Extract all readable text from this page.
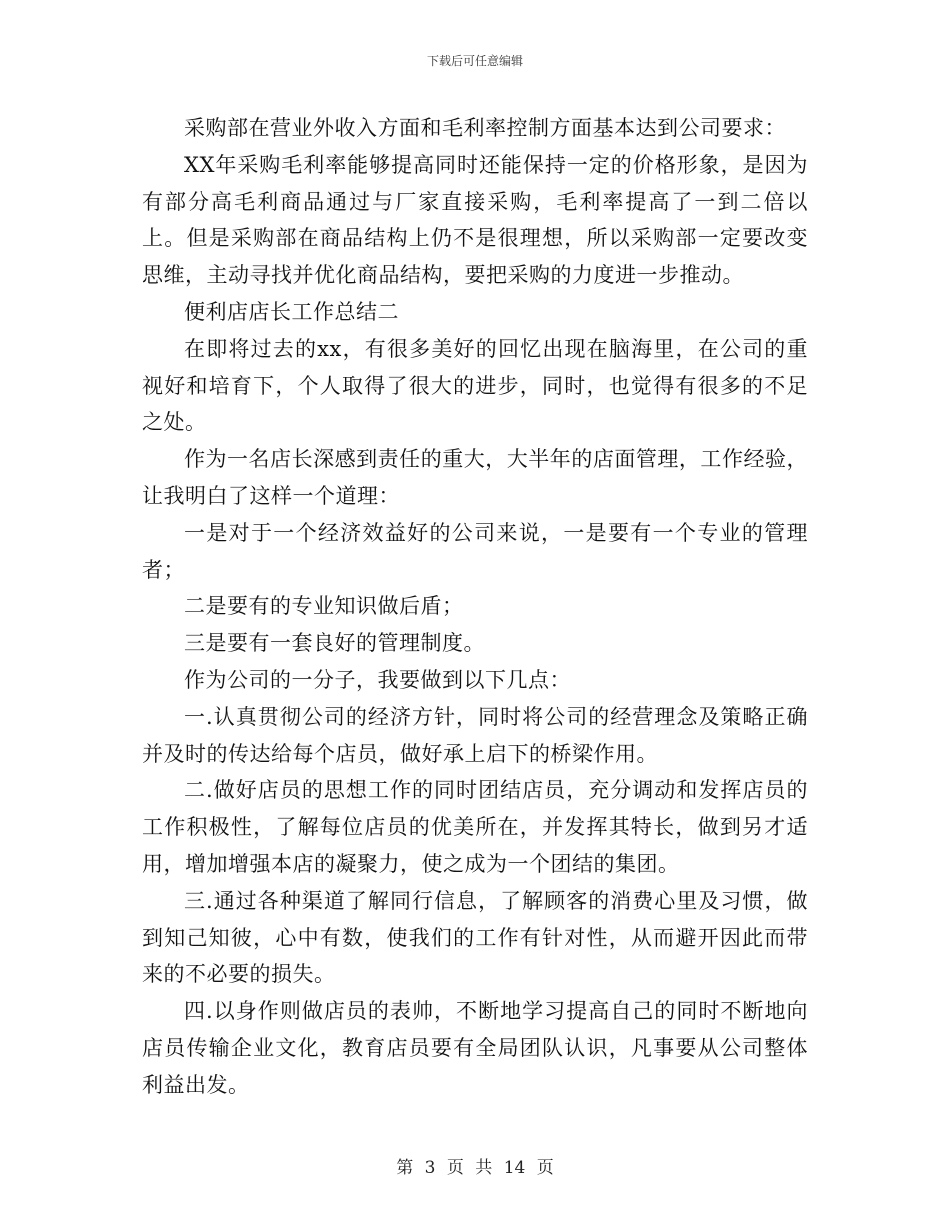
下载后可任意编辑

采购部在营业外收入方面和毛利率控制方面基本达到公司要求：

XX年采购毛利率能够提高同时还能保持一定的价格形象，是因为有部分高毛利商品通过与厂家直接采购，毛利率提高了一到二倍以上。但是采购部在商品结构上仍不是很理想，所以采购部一定要改变思维，主动寻找并优化商品结构，要把采购的力度进一步推动。

便利店店长工作总结二

在即将过去的xx，有很多美好的回忆出现在脑海里，在公司的重视好和培育下，个人取得了很大的进步，同时，也觉得有很多的不足之处。

作为一名店长深感到责任的重大，大半年的店面管理，工作经验，让我明白了这样一个道理：

一是对于一个经济效益好的公司来说，一是要有一个专业的管理者；

二是要有的专业知识做后盾；

三是要有一套良好的管理制度。

作为公司的一分子，我要做到以下几点：

一.认真贯彻公司的经济方针，同时将公司的经营理念及策略正确并及时的传达给每个店员，做好承上启下的桥梁作用。

二.做好店员的思想工作的同时团结店员，充分调动和发挥店员的工作积极性，了解每位店员的优美所在，并发挥其特长，做到另才适用，增加增强本店的凝聚力，使之成为一个团结的集团。

三.通过各种渠道了解同行信息，了解顾客的消费心里及习惯，做到知己知彼，心中有数，使我们的工作有针对性，从而避开因此而带来的不必要的损失。

四.以身作则做店员的表帅，不断地学习提高自己的同时不断地向店员传输企业文化，教育店员要有全局团队认识，凡事要从公司整体利益出发。

第 3 页 共 14 页
